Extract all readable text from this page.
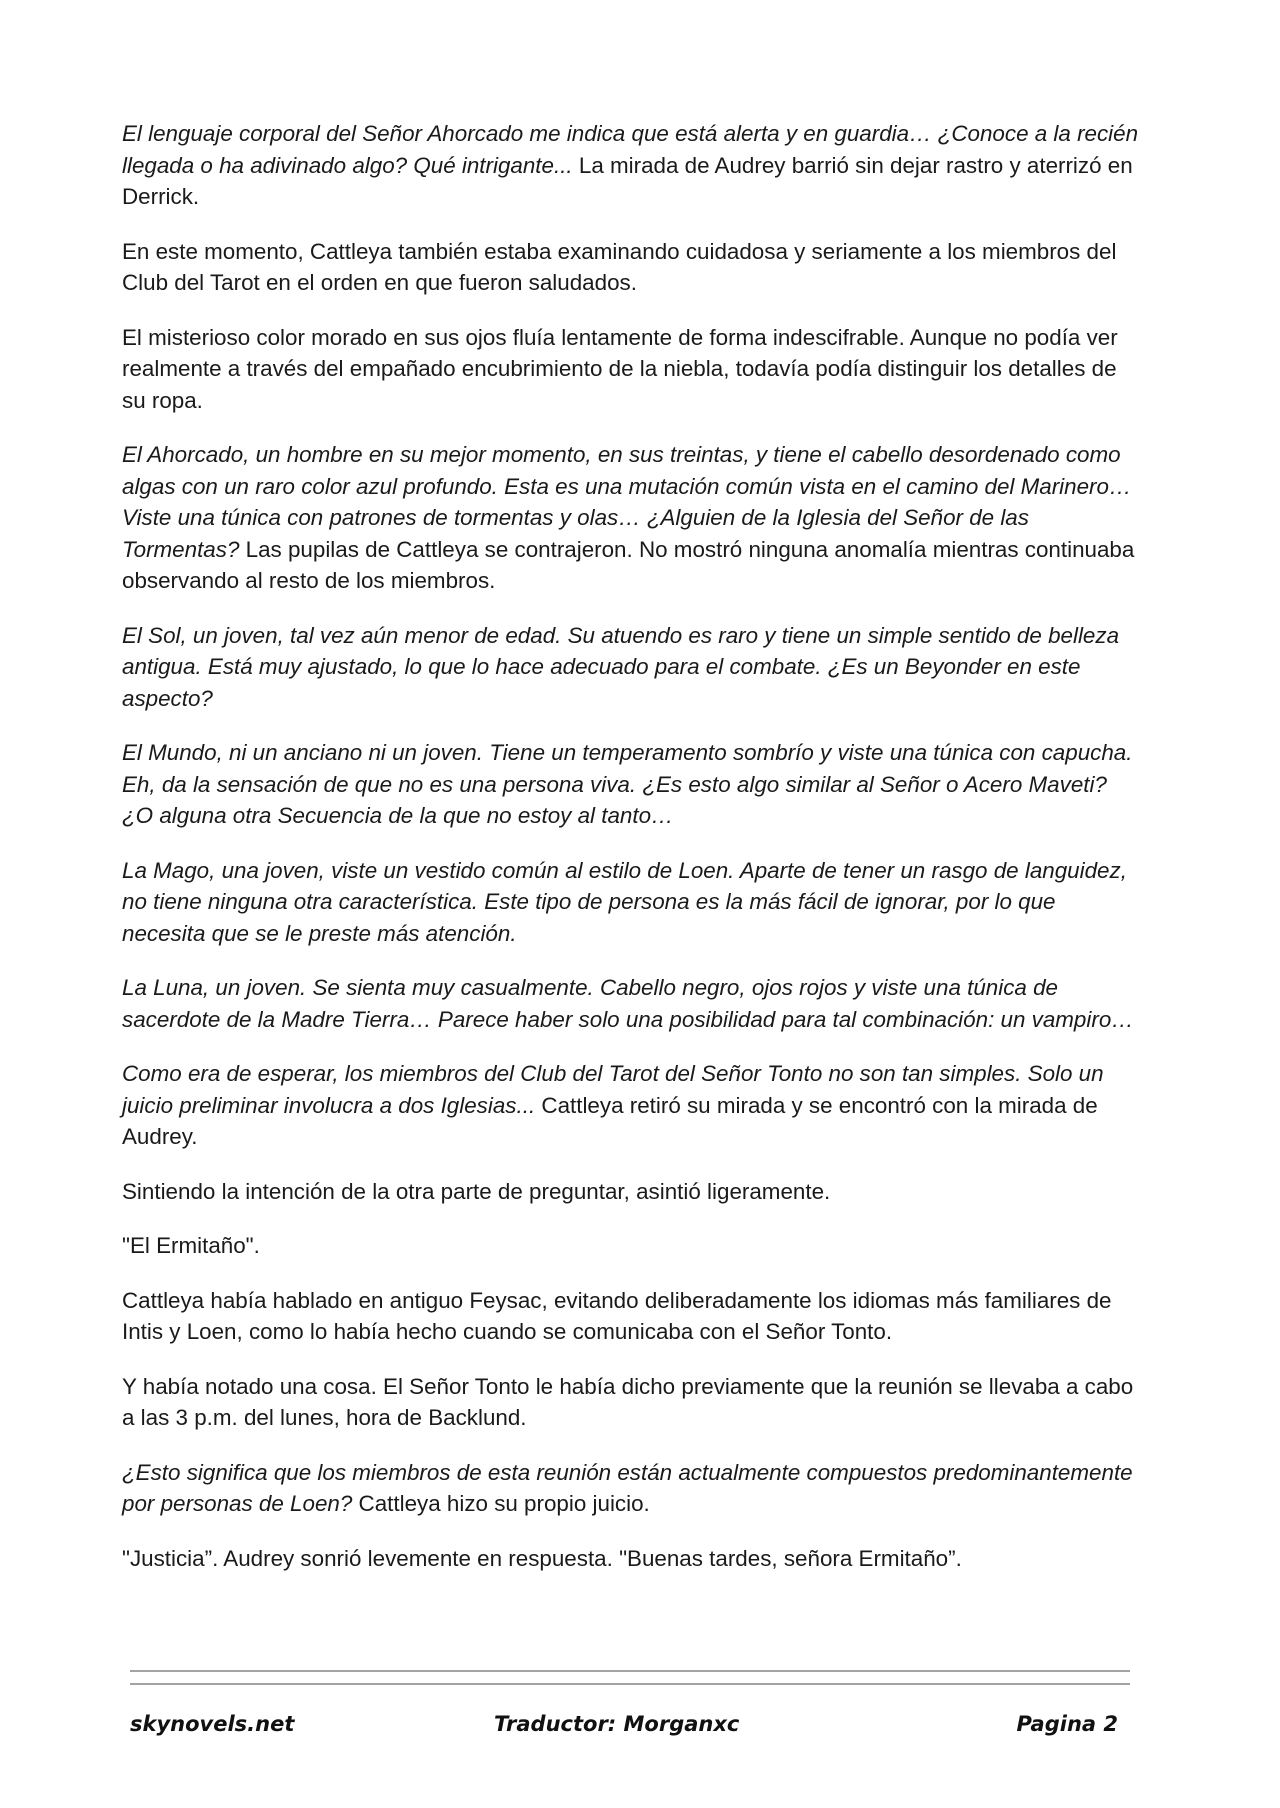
El lenguaje corporal del Señor Ahorcado me indica que está alerta y en guardia… ¿Conoce a la recién llegada o ha adivinado algo? Qué intrigante... La mirada de Audrey barrió sin dejar rastro y aterrizó en Derrick.

En este momento, Cattleya también estaba examinando cuidadosa y seriamente a los miembros del Club del Tarot en el orden en que fueron saludados.

El misterioso color morado en sus ojos fluía lentamente de forma indescifrable. Aunque no podía ver realmente a través del empañado encubrimiento de la niebla, todavía podía distinguir los detalles de su ropa.

El Ahorcado, un hombre en su mejor momento, en sus treintas, y tiene el cabello desordenado como algas con un raro color azul profundo. Esta es una mutación común vista en el camino del Marinero… Viste una túnica con patrones de tormentas y olas… ¿Alguien de la Iglesia del Señor de las Tormentas? Las pupilas de Cattleya se contrajeron. No mostró ninguna anomalía mientras continuaba observando al resto de los miembros.

El Sol, un joven, tal vez aún menor de edad. Su atuendo es raro y tiene un simple sentido de belleza antigua. Está muy ajustado, lo que lo hace adecuado para el combate. ¿Es un Beyonder en este aspecto?

El Mundo, ni un anciano ni un joven. Tiene un temperamento sombrío y viste una túnica con capucha. Eh, da la sensación de que no es una persona viva. ¿Es esto algo similar al Señor o Acero Maveti? ¿O alguna otra Secuencia de la que no estoy al tanto…

La Mago, una joven, viste un vestido común al estilo de Loen. Aparte de tener un rasgo de languidez, no tiene ninguna otra característica. Este tipo de persona es la más fácil de ignorar, por lo que necesita que se le preste más atención.

La Luna, un joven. Se sienta muy casualmente. Cabello negro, ojos rojos y viste una túnica de sacerdote de la Madre Tierra… Parece haber solo una posibilidad para tal combinación: un vampiro…

Como era de esperar, los miembros del Club del Tarot del Señor Tonto no son tan simples. Solo un juicio preliminar involucra a dos Iglesias... Cattleya retiró su mirada y se encontró con la mirada de Audrey.

Sintiendo la intención de la otra parte de preguntar, asintió ligeramente.

"El Ermitaño".

Cattleya había hablado en antiguo Feysac, evitando deliberadamente los idiomas más familiares de Intis y Loen, como lo había hecho cuando se comunicaba con el Señor Tonto.

Y había notado una cosa. El Señor Tonto le había dicho previamente que la reunión se llevaba a cabo a las 3 p.m. del lunes, hora de Backlund.

¿Esto significa que los miembros de esta reunión están actualmente compuestos predominantemente por personas de Loen? Cattleya hizo su propio juicio.

"Justicia”. Audrey sonrió levemente en respuesta. "Buenas tardes, señora Ermitaño”.

skynovels.net	Traductor: Morganxc	Pagina 2
